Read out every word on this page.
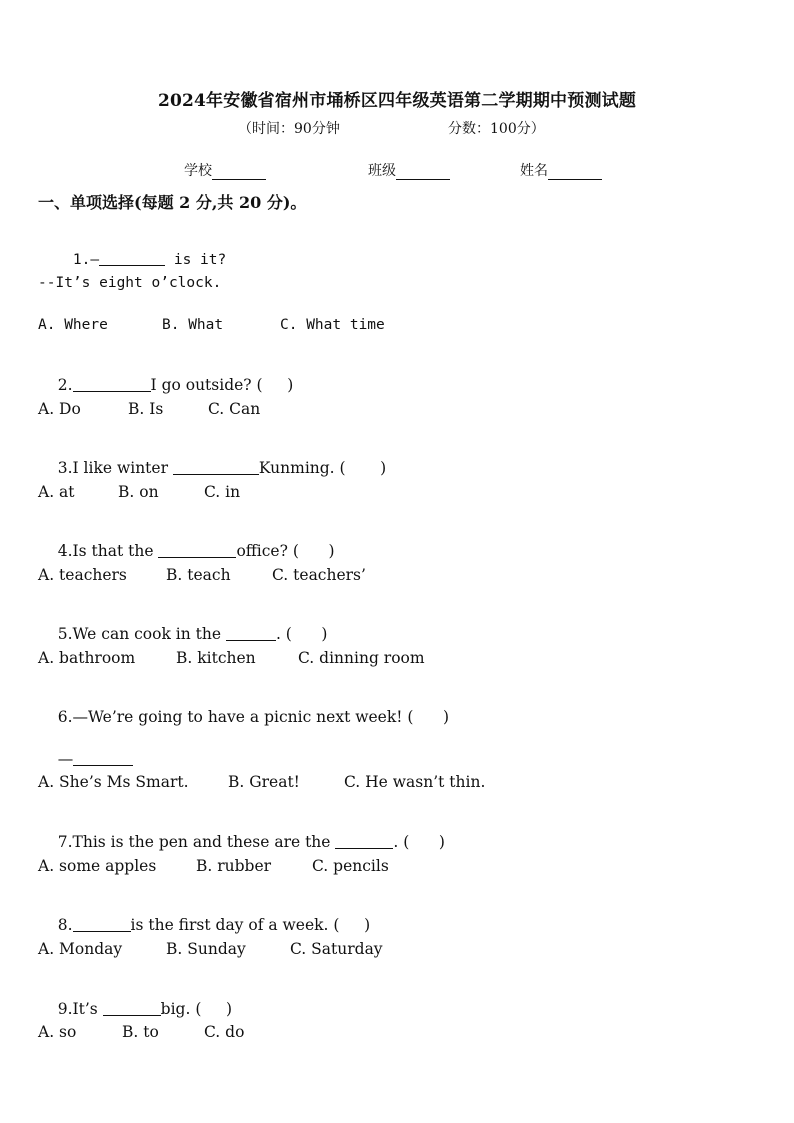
2024年安徽省宿州市埇桥区四年级英语第二学期期中预测试题
（时间：90分钟	分数：100分）
学校	班级	姓名
一、单项选择(每题 2 分,共 20 分)。

1.—	is it?

--It’s eight o’clock.

A. Where

	B. What

	C. What time

2.	I go outside? (     )

A. Do

	B. Is

	C. Can

3.I like winter	Kunming. (       )

A. at

	B. on

	C. in

4.Is that the	office? (      )

A. teachers

	B. teach

	C. teachers’

5.We can cook in the	. (      )

A. bathroom

	B. kitchen

	C. dinning room

6.—We’re going to have a picnic next week! (      )

—

A. She’s Ms Smart.

	B. Great!

	C. He wasn’t thin.

7.This is the pen and these are the	. (      )

A. some apples

	B. rubber

	C. pencils

8.	is the first day of a week. (     )

A. Monday

	B. Sunday

	C. Saturday

9.It’s	big. (     )

A. so

	B. to

	C. do
